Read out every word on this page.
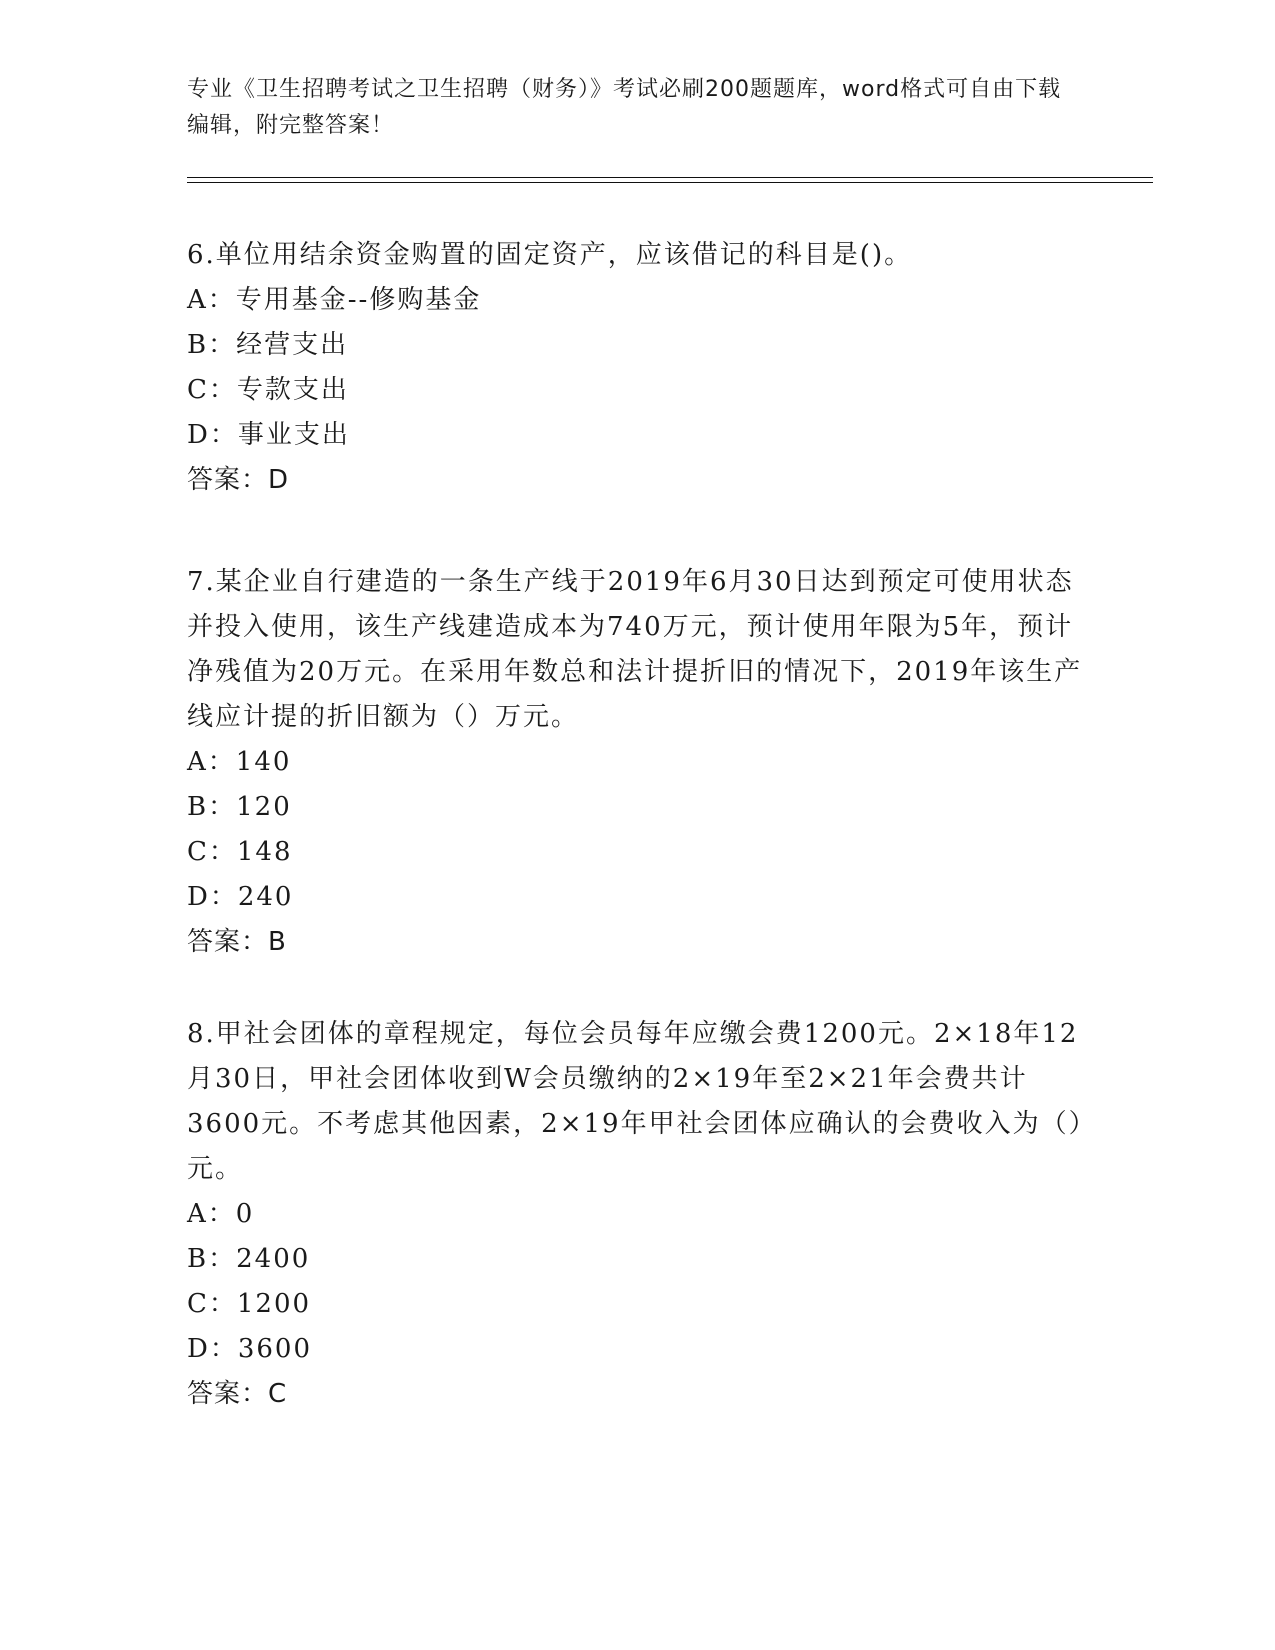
专业《卫生招聘考试之卫生招聘（财务）》考试必刷200题题库，word格式可自由下载编辑，附完整答案！
6.单位用结余资金购置的固定资产，应该借记的科目是()。
A：专用基金--修购基金
B：经营支出
C：专款支出
D：事业支出
答案：D
7.某企业自行建造的一条生产线于2019年6月30日达到预定可使用状态并投入使用，该生产线建造成本为740万元，预计使用年限为5年，预计净残值为20万元。在采用年数总和法计提折旧的情况下，2019年该生产线应计提的折旧额为（）万元。
A：140
B：120
C：148
D：240
答案：B
8.甲社会团体的章程规定，每位会员每年应缴会费1200元。2×18年12月30日，甲社会团体收到W会员缴纳的2×19年至2×21年会费共计3600元。不考虑其他因素，2×19年甲社会团体应确认的会费收入为（）元。
A：0
B：2400
C：1200
D：3600
答案：C
